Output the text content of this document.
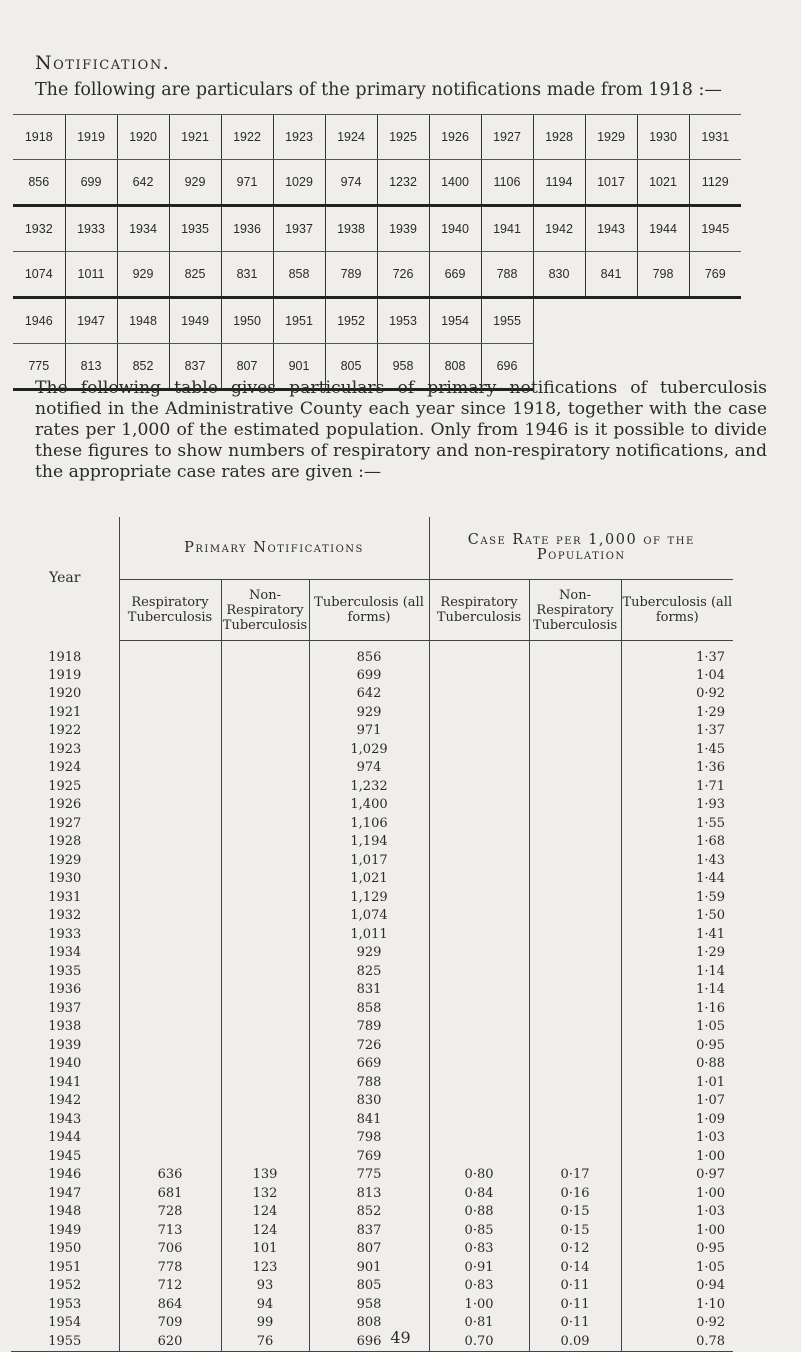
Notification.
The following are particulars of the primary notifications made from 1918 :—
1918	1919	1920	1921	1922	1923	1924	1925	1926	1927	1928	1929	1930	1931
856	699	642	929	971	1029	974	1232	1400	1106	1194	1017	1021	1129
1932	1933	1934	1935	1936	1937	1938	1939	1940	1941	1942	1943	1944	1945
1074	1011	929	825	831	858	789	726	669	788	830	841	798	769
1946	1947	1948	1949	1950	1951	1952	1953	1954	1955				
775	813	852	837	807	901	805	958	808	696				
The following table gives particulars of primary notifications of tuberculosis notified in the Administrative County each year since 1918, together with the case rates per 1,000 of the estimated population. Only from 1946 is it possible to divide these figures to show numbers of respiratory and non-respiratory notifications, and the appropriate case rates are given :—
Year	Primary Notifications			Case Rate per 1,000 of the Population		
	Respiratory Tuberculosis	Non-Respiratory Tuberculosis	Tuberculosis (all forms)	Respiratory Tuberculosis	Non-Respiratory Tuberculosis	Tuberculosis (all forms)
1918			856			1·37
1919			699			1·04
1920			642			0·92
1921			929			1·29
1922			971			1·37
1923			1,029			1·45
1924			974			1·36
1925			1,232			1·71
1926			1,400			1·93
1927			1,106			1·55
1928			1,194			1·68
1929			1,017			1·43
1930			1,021			1·44
1931			1,129			1·59
1932			1,074			1·50
1933			1,011			1·41
1934			929			1·29
1935			825			1·14
1936			831			1·14
1937			858			1·16
1938			789			1·05
1939			726			0·95
1940			669			0·88
1941			788			1·01
1942			830			1·07
1943			841			1·09
1944			798			1·03
1945			769			1·00
1946	636	139	775	0·80	0·17	0·97
1947	681	132	813	0·84	0·16	1·00
1948	728	124	852	0·88	0·15	1·03
1949	713	124	837	0·85	0·15	1·00
1950	706	101	807	0·83	0·12	0·95
1951	778	123	901	0·91	0·14	1·05
1952	712	93	805	0·83	0·11	0·94
1953	864	94	958	1·00	0·11	1·10
1954	709	99	808	0·81	0·11	0·92
1955	620	76	696	0.70	0.09	0.78
49
